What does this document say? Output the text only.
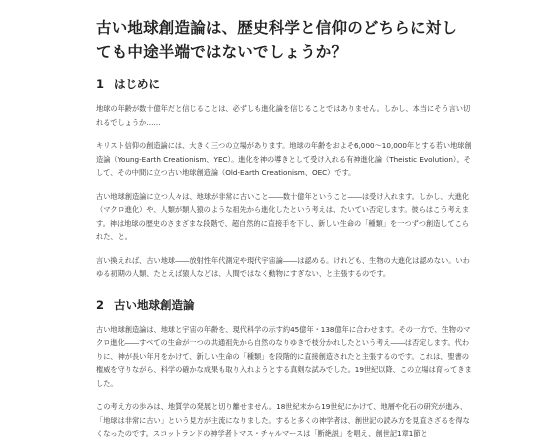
古い地球創造論は、歴史科学と信仰のどちらに対しても中途半端ではないでしょうか？
1 はじめに

地球の年齢が数十億年だと信じることは、必ずしも進化論を信じることではありません。しかし、本当にそう言い切れるでしょうか……

キリスト信仰の創造論には、大きく三つの立場があります。地球の年齢をおよそ6,000～10,000年とする若い地球創造論（Young-Earth Creationism、YEC）。進化を神の導きとして受け入れる有神進化論（Theistic Evolution）。そして、その中間に立つ古い地球創造論（Old-Earth Creationism、OEC）です。

古い地球創造論に立つ人々は、地球が非常に古いこと――数十億年ということ――は受け入れます。しかし、大進化（マクロ進化）や、人類が類人猿のような祖先から進化したという考えは、たいてい否定します。彼らはこう考えます。神は地球の歴史のさまざまな段階で、超自然的に直接手を下し、新しい生命の「種類」を一つずつ創造してこられた、と。

言い換えれば、古い地球――放射性年代測定や現代宇宙論――は認める。けれども、生物の大進化は認めない。いわゆる初期の人類、たとえば猿人などは、人間ではなく動物にすぎない、と主張するのです。

2 古い地球創造論

古い地球創造論は、地球と宇宙の年齢を、現代科学の示す約45億年・138億年に合わせます。その一方で、生物のマクロ進化――すべての生命が一つの共通祖先から自然のなりゆきで枝分かれしたという考え――は否定します。代わりに、神が長い年月をかけて、新しい生命の「種類」を段階的に直接創造されたと主張するのです。これは、聖書の権威を守りながら、科学の確かな成果も取り入れようとする真剣な試みでした。19世紀以降、この立場は育ってきました。

この考え方の歩みは、地質学の発展と切り離せません。18世紀末から19世紀にかけて、地層や化石の研究が進み、「地球は非常に古い」という見方が主流になりました。すると多くの神学者は、創世記の読み方を見直さざるを得なくなったのです。スコットランドの神学者トマス・チャルマースは「断絶説」を唱え、創世記1章1節と
